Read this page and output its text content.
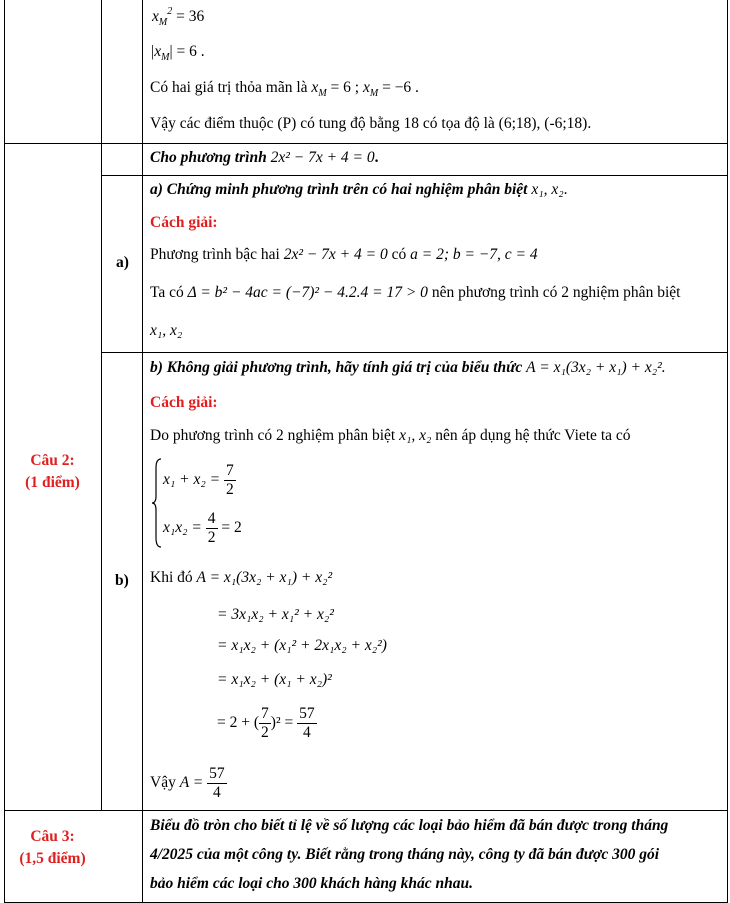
$x_M^2 = 36$
$|x_M| = 6$ .
Có hai giá trị thỏa mãn là $x_M = 6$ ; $x_M = -6$ .
Vậy các điểm thuộc (P) có tung độ bằng 18 có tọa độ là (6;18), (-6;18).
Câu 2:
(1 điểm)
Cho phương trình 2x² − 7x + 4 = 0.
a)
a) Chứng minh phương trình trên có hai nghiệm phân biệt x₁, x₂.
Cách giải:
Phương trình bậc hai 2x² − 7x + 4 = 0 có a = 2; b = −7, c = 4
Ta có Δ = b² − 4ac = (−7)² − 4.2.4 = 17 > 0 nên phương trình có 2 nghiệm phân biệt
x₁, x₂
b)
b) Không giải phương trình, hãy tính giá trị của biểu thức A = x₁(3x₂ + x₁) + x₂².
Cách giải:
Do phương trình có 2 nghiệm phân biệt x₁, x₂ nên áp dụng hệ thức Viete ta có
$x_1 + x_2 = \frac{7}{2}$
$x_1x_2 = \frac{4}{2} = 2$
Khi đó A = x₁(3x₂ + x₁) + x₂²
= 3x₁x₂ + x₁² + x₂²
= x₁x₂ + (x₁² + 2x₁x₂ + x₂²)
= x₁x₂ + (x₁ + x₂)²
= 2 + ( $\frac{7}{2} )^2 = \frac{57}{4}$
Vậy $A = \frac{57}{4}$
Câu 3:
(1,5 điểm)
Biểu đồ tròn cho biết tỉ lệ về số lượng các loại bảo hiểm đã bán được trong tháng
4/2025 của một công ty. Biết rằng trong tháng này, công ty đã bán được 300 gói
bảo hiểm các loại cho 300 khách hàng khác nhau.
